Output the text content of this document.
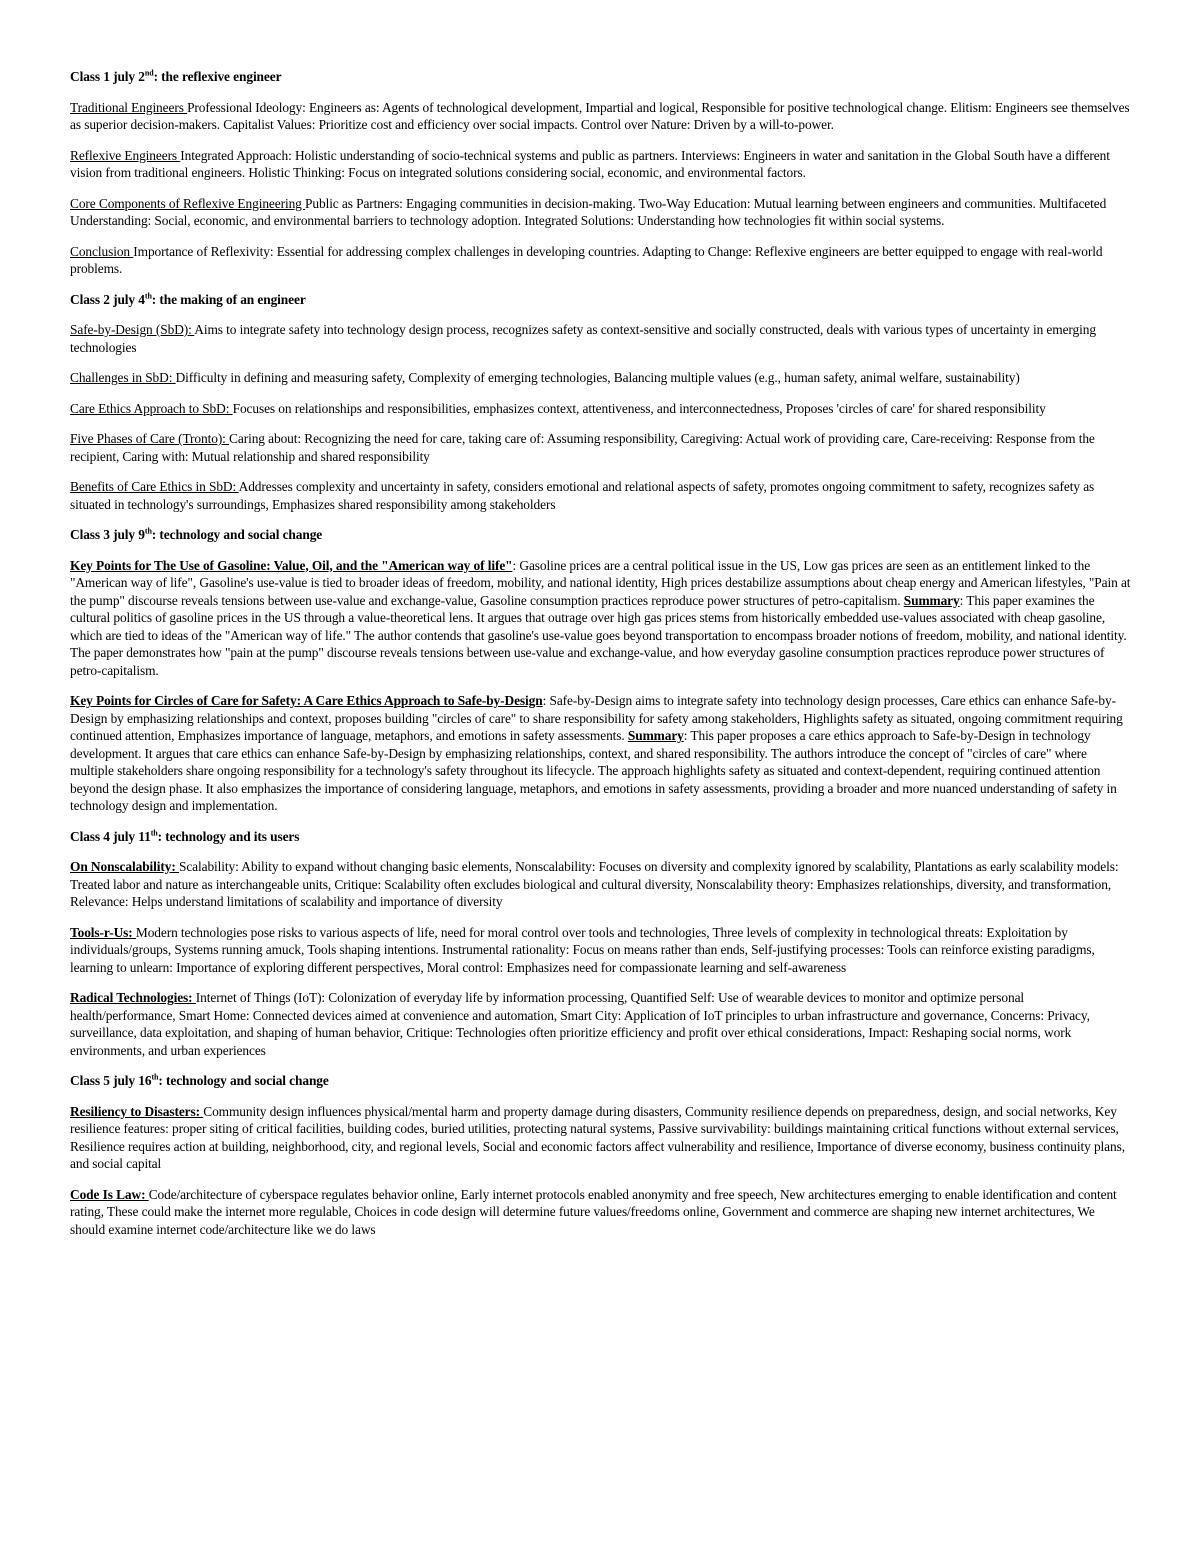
Class 1 july 2nd: the reflexive engineer

Traditional Engineers Professional Ideology: Engineers as: Agents of technological development, Impartial and logical, Responsible for positive technological change. Elitism: Engineers see themselves as superior decision-makers. Capitalist Values: Prioritize cost and efficiency over social impacts. Control over Nature: Driven by a will-to-power.

Reflexive Engineers Integrated Approach: Holistic understanding of socio-technical systems and public as partners. Interviews: Engineers in water and sanitation in the Global South have a different vision from traditional engineers. Holistic Thinking: Focus on integrated solutions considering social, economic, and environmental factors.

Core Components of Reflexive Engineering Public as Partners: Engaging communities in decision-making. Two-Way Education: Mutual learning between engineers and communities. Multifaceted Understanding: Social, economic, and environmental barriers to technology adoption. Integrated Solutions: Understanding how technologies fit within social systems.

Conclusion Importance of Reflexivity: Essential for addressing complex challenges in developing countries. Adapting to Change: Reflexive engineers are better equipped to engage with real-world problems.

Class 2 july 4th: the making of an engineer

Safe-by-Design (SbD): Aims to integrate safety into technology design process, recognizes safety as context-sensitive and socially constructed, deals with various types of uncertainty in emerging technologies

Challenges in SbD: Difficulty in defining and measuring safety, Complexity of emerging technologies, Balancing multiple values (e.g., human safety, animal welfare, sustainability)

Care Ethics Approach to SbD: Focuses on relationships and responsibilities, emphasizes context, attentiveness, and interconnectedness, Proposes 'circles of care' for shared responsibility

Five Phases of Care (Tronto): Caring about: Recognizing the need for care, taking care of: Assuming responsibility, Caregiving: Actual work of providing care, Care-receiving: Response from the recipient, Caring with: Mutual relationship and shared responsibility

Benefits of Care Ethics in SbD: Addresses complexity and uncertainty in safety, considers emotional and relational aspects of safety, promotes ongoing commitment to safety, recognizes safety as situated in technology's surroundings, Emphasizes shared responsibility among stakeholders

Class 3 july 9th: technology and social change

Key Points for The Use of Gasoline: Value, Oil, and the "American way of life": Gasoline prices are a central political issue in the US, Low gas prices are seen as an entitlement linked to the "American way of life", Gasoline's use-value is tied to broader ideas of freedom, mobility, and national identity, High prices destabilize assumptions about cheap energy and American lifestyles, "Pain at the pump" discourse reveals tensions between use-value and exchange-value, Gasoline consumption practices reproduce power structures of petro-capitalism. Summary: This paper examines the cultural politics of gasoline prices in the US through a value-theoretical lens. It argues that outrage over high gas prices stems from historically embedded use-values associated with cheap gasoline, which are tied to ideas of the "American way of life." The author contends that gasoline's use-value goes beyond transportation to encompass broader notions of freedom, mobility, and national identity. The paper demonstrates how "pain at the pump" discourse reveals tensions between use-value and exchange-value, and how everyday gasoline consumption practices reproduce power structures of petro-capitalism.

Key Points for Circles of Care for Safety: A Care Ethics Approach to Safe-by-Design: Safe-by-Design aims to integrate safety into technology design processes, Care ethics can enhance Safe-by-Design by emphasizing relationships and context, proposes building "circles of care" to share responsibility for safety among stakeholders, Highlights safety as situated, ongoing commitment requiring continued attention, Emphasizes importance of language, metaphors, and emotions in safety assessments. Summary: This paper proposes a care ethics approach to Safe-by-Design in technology development. It argues that care ethics can enhance Safe-by-Design by emphasizing relationships, context, and shared responsibility. The authors introduce the concept of "circles of care" where multiple stakeholders share ongoing responsibility for a technology's safety throughout its lifecycle. The approach highlights safety as situated and context-dependent, requiring continued attention beyond the design phase. It also emphasizes the importance of considering language, metaphors, and emotions in safety assessments, providing a broader and more nuanced understanding of safety in technology design and implementation.

Class 4 july 11th: technology and its users

On Nonscalability: Scalability: Ability to expand without changing basic elements, Nonscalability: Focuses on diversity and complexity ignored by scalability, Plantations as early scalability models: Treated labor and nature as interchangeable units, Critique: Scalability often excludes biological and cultural diversity, Nonscalability theory: Emphasizes relationships, diversity, and transformation, Relevance: Helps understand limitations of scalability and importance of diversity

Tools-r-Us: Modern technologies pose risks to various aspects of life, need for moral control over tools and technologies, Three levels of complexity in technological threats: Exploitation by individuals/groups, Systems running amuck, Tools shaping intentions. Instrumental rationality: Focus on means rather than ends, Self-justifying processes: Tools can reinforce existing paradigms, learning to unlearn: Importance of exploring different perspectives, Moral control: Emphasizes need for compassionate learning and self-awareness

Radical Technologies: Internet of Things (IoT): Colonization of everyday life by information processing, Quantified Self: Use of wearable devices to monitor and optimize personal health/performance, Smart Home: Connected devices aimed at convenience and automation, Smart City: Application of IoT principles to urban infrastructure and governance, Concerns: Privacy, surveillance, data exploitation, and shaping of human behavior, Critique: Technologies often prioritize efficiency and profit over ethical considerations, Impact: Reshaping social norms, work environments, and urban experiences

Class 5 july 16th: technology and social change

Resiliency to Disasters: Community design influences physical/mental harm and property damage during disasters, Community resilience depends on preparedness, design, and social networks, Key resilience features: proper siting of critical facilities, building codes, buried utilities, protecting natural systems, Passive survivability: buildings maintaining critical functions without external services, Resilience requires action at building, neighborhood, city, and regional levels, Social and economic factors affect vulnerability and resilience, Importance of diverse economy, business continuity plans, and social capital

Code Is Law: Code/architecture of cyberspace regulates behavior online, Early internet protocols enabled anonymity and free speech, New architectures emerging to enable identification and content rating, These could make the internet more regulable, Choices in code design will determine future values/freedoms online, Government and commerce are shaping new internet architectures, We should examine internet code/architecture like we do laws
